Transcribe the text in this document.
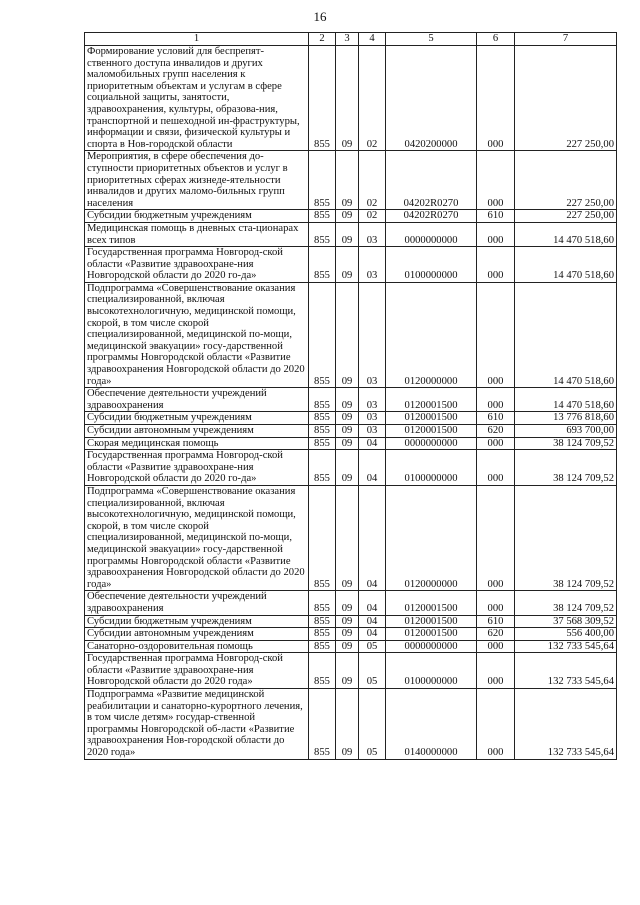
16
1	2	3	4	5	6	7
Формирование условий для беспрепят-ственного доступа инвалидов и других маломобильных групп населения к приоритетным объектам и услугам в сфере социальной защиты, занятости, здравоохранения, культуры, образова-ния, транспортной и пешеходной ин-фраструктуры, информации и связи, физической культуры и спорта в Нов-городской области	855	09	02	0420200000	000	227 250,00
Мероприятия, в сфере обеспечения до-ступности приоритетных объектов и услуг в приоритетных сферах жизнеде-ятельности инвалидов и других маломо-бильных групп населения	855	09	02	04202R0270	000	227 250,00
Субсидии бюджетным учреждениям	855	09	02	04202R0270	610	227 250,00
Медицинская помощь в дневных ста-ционарах всех типов	855	09	03	0000000000	000	14 470 518,60
Государственная программа Новгород-ской области «Развитие здравоохране-ния Новгородской области до 2020 го-да»	855	09	03	0100000000	000	14 470 518,60
Подпрограмма «Совершенствование оказания специализированной, включая высокотехнологичную, медицинской помощи, скорой, в том числе скорой специализированной, медицинской по-мощи, медицинской эвакуации» госу-дарственной программы Новгородской области «Развитие здравоохранения Новгородской области до 2020 года»	855	09	03	0120000000	000	14 470 518,60
Обеспечение деятельности учреждений здравоохранения	855	09	03	0120001500	000	14 470 518,60
Субсидии бюджетным учреждениям	855	09	03	0120001500	610	13 776 818,60
Субсидии автономным учреждениям	855	09	03	0120001500	620	693 700,00
Скорая медицинская помощь	855	09	04	0000000000	000	38 124 709,52
Государственная программа Новгород-ской области «Развитие здравоохране-ния Новгородской области до 2020 го-да»	855	09	04	0100000000	000	38 124 709,52
Подпрограмма «Совершенствование оказания специализированной, включая высокотехнологичную, медицинской помощи, скорой, в том числе скорой специализированной, медицинской по-мощи, медицинской эвакуации» госу-дарственной программы Новгородской области «Развитие здравоохранения Новгородской области до 2020 года»	855	09	04	0120000000	000	38 124 709,52
Обеспечение деятельности учреждений здравоохранения	855	09	04	0120001500	000	38 124 709,52
Субсидии бюджетным учреждениям	855	09	04	0120001500	610	37 568 309,52
Субсидии автономным учреждениям	855	09	04	0120001500	620	556 400,00
Санаторно-оздоровительная помощь	855	09	05	0000000000	000	132 733 545,64
Государственная программа Новгород-ской области «Развитие здравоохране-ния Новгородской области до 2020 года»	855	09	05	0100000000	000	132 733 545,64
Подпрограмма «Развитие медицинской реабилитации и санаторно-курортного лечения, в том числе детям» государ-ственной программы Новгородской об-ласти «Развитие здравоохранения Нов-городской области до 2020 года»	855	09	05	0140000000	000	132 733 545,64
